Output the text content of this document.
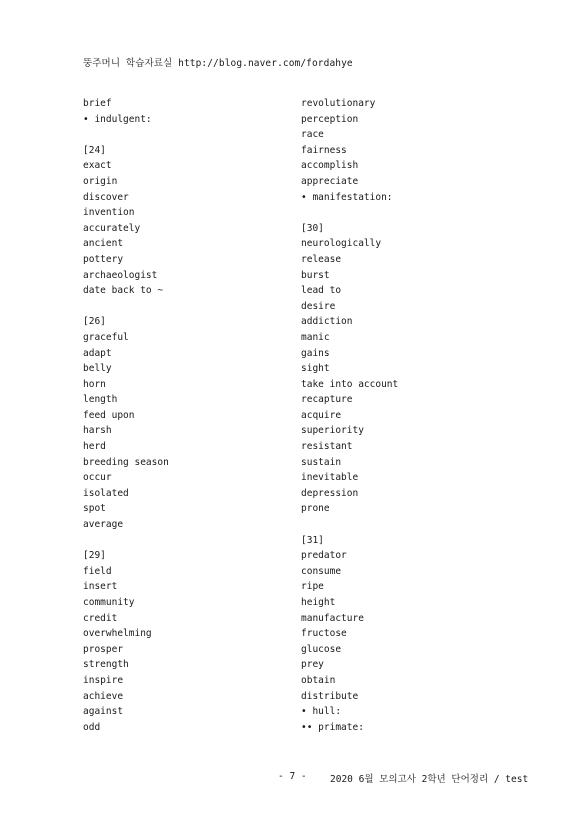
뚱주머니 학습자료실 http://blog.naver.com/fordahye
brief
• indulgent:
[24]
exact
origin
discover
invention
accurately
ancient
pottery
archaeologist
date back to ~
[26]
graceful
adapt
belly
horn
length
feed upon
harsh
herd
breeding season
occur
isolated
spot
average
[29]
field
insert
community
credit
overwhelming
prosper
strength
inspire
achieve
against
odd
revolutionary
perception
race
fairness
accomplish
appreciate
• manifestation:
[30]
neurologically
release
burst
lead to
desire
addiction
manic
gains
sight
take into account
recapture
acquire
superiority
resistant
sustain
inevitable
depression
prone
[31]
predator
consume
ripe
height
manufacture
fructose
glucose
prey
obtain
distribute
• hull:
•• primate:
- 7 - 2020 6월 모의고사 2학년 단어정리 / test
